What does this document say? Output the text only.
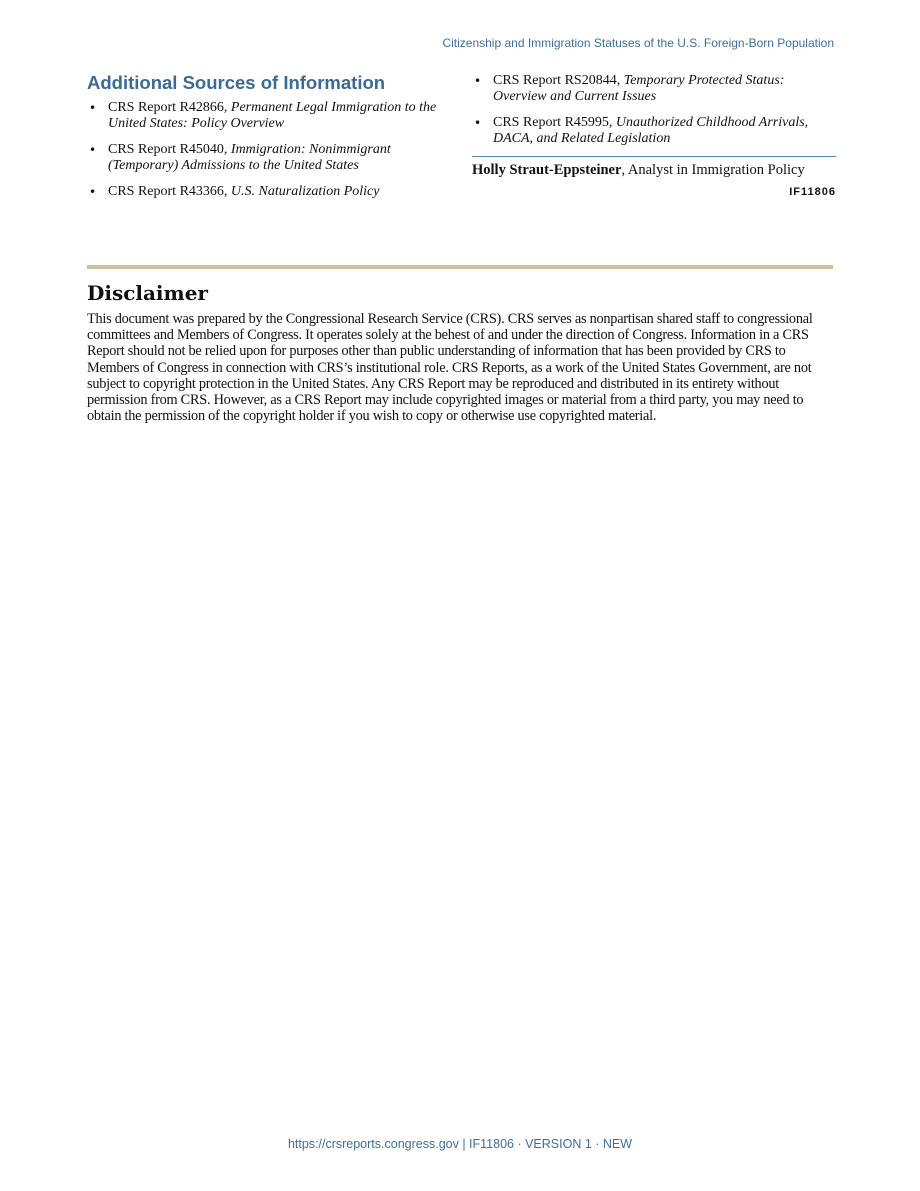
Citizenship and Immigration Statuses of the U.S. Foreign-Born Population
Additional Sources of Information
• CRS Report R42866, Permanent Legal Immigration to the United States: Policy Overview
• CRS Report R45040, Immigration: Nonimmigrant (Temporary) Admissions to the United States
• CRS Report R43366, U.S. Naturalization Policy
• CRS Report RS20844, Temporary Protected Status: Overview and Current Issues
• CRS Report R45995, Unauthorized Childhood Arrivals, DACA, and Related Legislation
Holly Straut-Eppsteiner, Analyst in Immigration Policy
IF11806
Disclaimer

This document was prepared by the Congressional Research Service (CRS). CRS serves as nonpartisan shared staff to congressional committees and Members of Congress. It operates solely at the behest of and under the direction of Congress. Information in a CRS Report should not be relied upon for purposes other than public understanding of information that has been provided by CRS to Members of Congress in connection with CRS’s institutional role. CRS Reports, as a work of the United States Government, are not subject to copyright protection in the United States. Any CRS Report may be reproduced and distributed in its entirety without permission from CRS. However, as a CRS Report may include copyrighted images or material from a third party, you may need to obtain the permission of the copyright holder if you wish to copy or otherwise use copyrighted material.

https://crsreports.congress.gov | IF11806 · VERSION 1 · NEW
